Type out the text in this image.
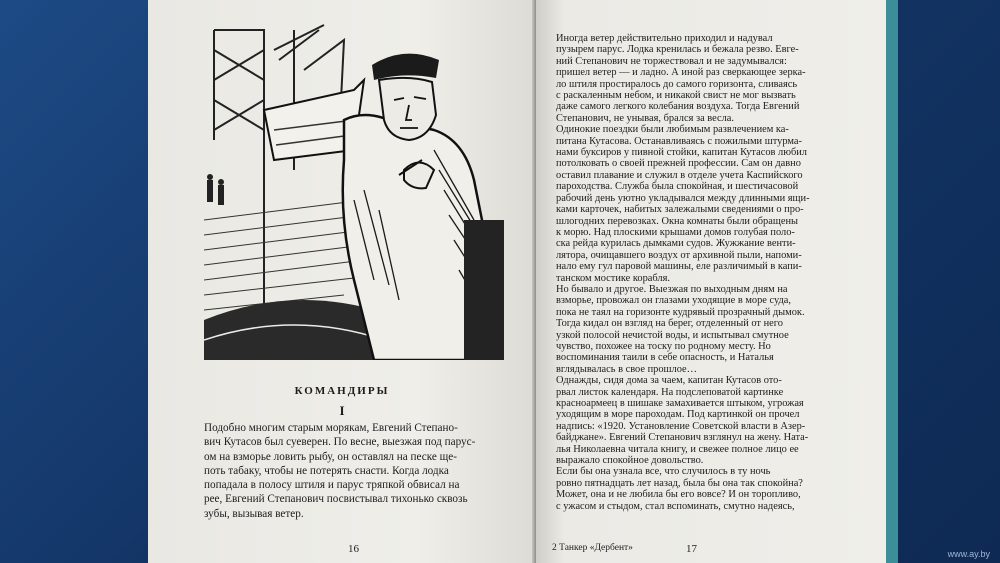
КОМАНДИРЫ
I
Подобно многим старым морякам, Евгений Степано-
вич Кутасов был суеверен. По весне, выезжая под парус-
ом на взморье ловить рыбу, он оставлял на песке ще-
поть табаку, чтобы не потерять снасти. Когда лодка
попадала в полосу штиля и парус тряпкой обвисал на
рее, Евгений Степанович посвистывал тихонько сквозь
зубы, вызывая ветер.
16
Иногда ветер действительно приходил и надувал
пузырем парус. Лодка кренилась и бежала резво. Евге-
ний Степанович не торжествовал и не задумывался:
пришел ветер — и ладно. А иной раз сверкающее зерка-
ло штиля простиралось до самого горизонта, сливаясь
с раскаленным небом, и никакой свист не мог вызвать
даже самого легкого колебания воздуха. Тогда Евгений
Степанович, не унывая, брался за весла.
Одинокие поездки были любимым развлечением ка-
питана Кутасова. Останавливаясь с пожилыми штурма-
нами буксиров у пивной стойки, капитан Кутасов любил
потолковать о своей прежней профессии. Сам он давно
оставил плавание и служил в отделе учета Каспийского
пароходства. Служба была спокойная, и шестичасовой
рабочий день уютно укладывался между длинными ящи-
ками карточек, набитых залежалыми сведениями о про-
шлогодних перевозках. Окна комнаты были обращены
к морю. Над плоскими крышами домов голубая поло-
ска рейда курилась дымками судов. Жужжание венти-
лятора, очищавшего воздух от архивной пыли, напоми-
нало ему гул паровой машины, еле различимый в капи-
танском мостике корабля.
Но бывало и другое. Выезжая по выходным дням на
взморье, провожал он глазами уходящие в море суда,
пока не таял на горизонте кудрявый прозрачный дымок.
Тогда кидал он взгляд на берег, отделенный от него
узкой полосой нечистой воды, и испытывал смутное
чувство, похожее на тоску по родному месту. Но
воспоминания таили в себе опасность, и Наталья
вглядывалась в свое прошлое…
Однажды, сидя дома за чаем, капитан Кутасов ото-
рвал листок календаря. На подслеповатой картинке
красноармеец в шишаке замахивается штыком, угрожая
уходящим в море пароходам. Под картинкой он прочел
надпись: «1920. Установление Советской власти в Азер-
байджане». Евгений Степанович взглянул на жену. Ната-
лья Николаевна читала книгу, и свежее полное лицо ее
выражало спокойное довольство.
Если бы она узнала все, что случилось в ту ночь
ровно пятнадцать лет назад, была бы она так спокойна?
Может, она и не любила бы его вовсе? И он торопливо,
с ужасом и стыдом, стал вспоминать, смутно надеясь,
2 Танкер «Дербент»	17	www.ay.by
